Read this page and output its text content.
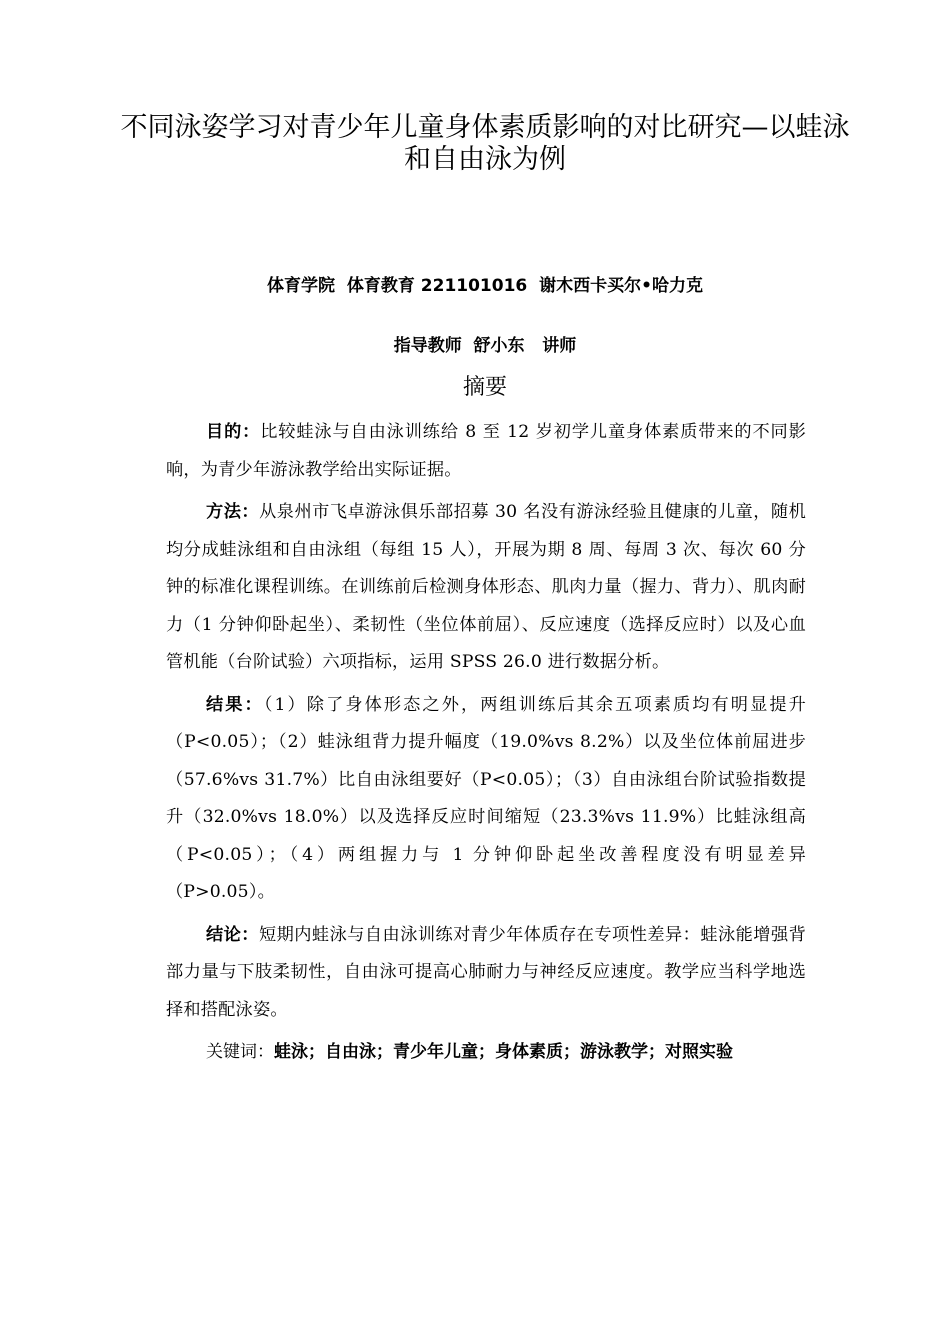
不同泳姿学习对青少年儿童身体素质影响的对比研究—以蛙泳和自由泳为例
体育学院  体育教育 221101016  谢木西卡买尔•哈力克
指导教师  舒小东   讲师
摘要

目的：比较蛙泳与自由泳训练给 8 至 12 岁初学儿童身体素质带来的不同影响，为青少年游泳教学给出实际证据。

方法：从泉州市飞卓游泳俱乐部招募 30 名没有游泳经验且健康的儿童，随机均分成蛙泳组和自由泳组（每组 15 人），开展为期 8 周、每周 3 次、每次 60 分钟的标准化课程训练。在训练前后检测身体形态、肌肉力量（握力、背力）、肌肉耐力（1 分钟仰卧起坐）、柔韧性（坐位体前屈）、反应速度（选择反应时）以及心血管机能（台阶试验）六项指标，运用 SPSS 26.0 进行数据分析。

结果：（1）除了身体形态之外，两组训练后其余五项素质均有明显提升（P<0.05）；（2）蛙泳组背力提升幅度（19.0%vs 8.2%）以及坐位体前屈进步（57.6%vs 31.7%）比自由泳组要好（P<0.05）；（3）自由泳组台阶试验指数提升（32.0%vs 18.0%）以及选择反应时间缩短（23.3%vs 11.9%）比蛙泳组高（P<0.05）；（4）两组握力与 1 分钟仰卧起坐改善程度没有明显差异（P>0.05）。

结论：短期内蛙泳与自由泳训练对青少年体质存在专项性差异：蛙泳能增强背部力量与下肢柔韧性，自由泳可提高心肺耐力与神经反应速度。教学应当科学地选择和搭配泳姿。

关键词：蛙泳；自由泳；青少年儿童；身体素质；游泳教学；对照实验
